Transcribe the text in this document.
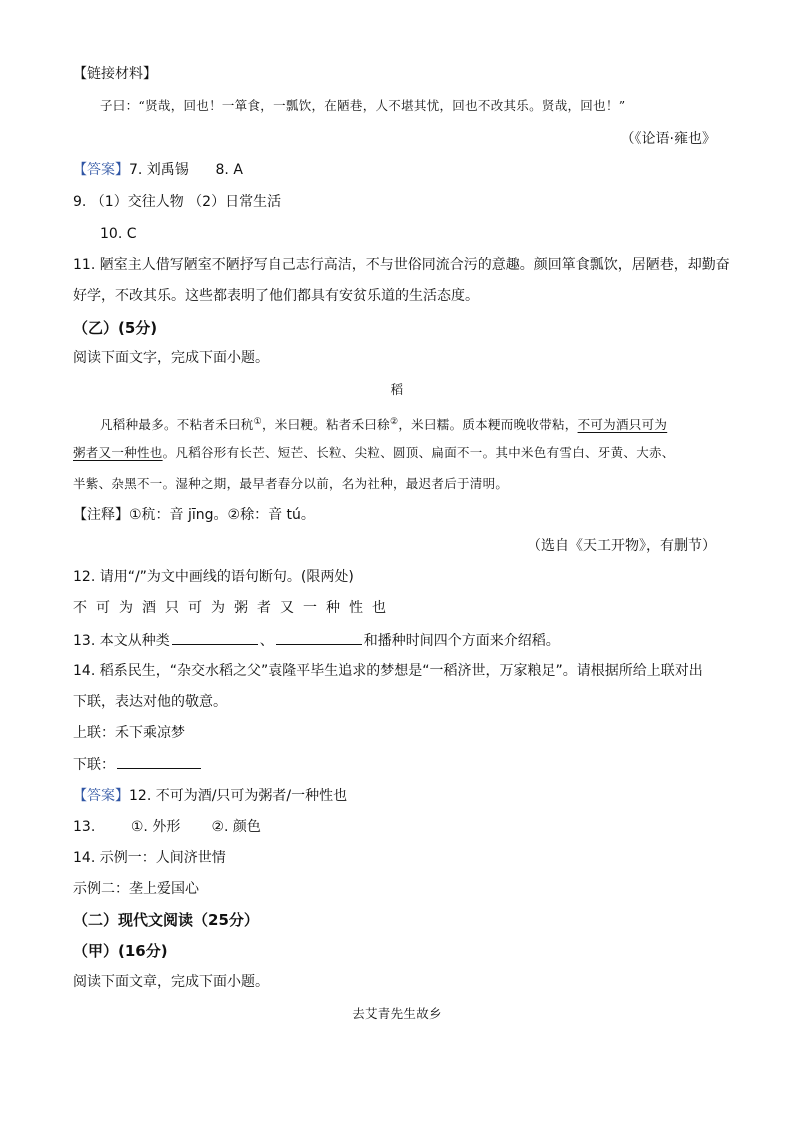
【链接材料】
子曰：“贤哉，回也！一箪食，一瓢饮，在陋巷，人不堪其忧，回也不改其乐。贤哉，回也！”
（《论语·雍也》
【答案】7. 刘禹锡      8. A
9. （1）交往人物 （2）日常生活
10. C
11. 陋室主人借写陋室不陋抒写自己志行高洁，不与世俗同流合污的意趣。颜回箪食瓢饮，居陋巷，却勤奋
好学，不改其乐。这些都表明了他们都具有安贫乐道的生活态度。
（乙）(5分)
阅读下面文字，完成下面小题。
稻
凡稻种最多。不粘者禾曰秔①，米曰粳。粘者禾曰稌②，米曰糯。质本粳而晚收带粘，不可为酒只可为
粥者又一种性也。凡稻谷形有长芒、短芒、长粒、尖粒、圆顶、扁面不一。其中米色有雪白、牙黄、大赤、
半紫、杂黑不一。湿种之期，最早者春分以前，名为社种，最迟者后于清明。
【注释】①秔：音 jīng。②稌：音 tú。
（选自《天工开物》，有删节）
12. 请用“/”为文中画线的语句断句。(限两处)
不可为酒只可为粥者又一种性也
13. 本文从种类	、	和播种时间四个方面来介绍稻。
14. 稻系民生，“杂交水稻之父”袁隆平毕生追求的梦想是“一稻济世，万家粮足”。请根据所给上联对出
下联，表达对他的敬意。
上联：禾下乘凉梦
下联：
【答案】12. 不可为酒/只可为粥者/一种性也
13.        ①. 外形       ②. 颜色
14. 示例一：人间济世情
示例二：垄上爱国心
（二）现代文阅读（25分）
（甲）(16分)
阅读下面文章，完成下面小题。
去艾青先生故乡
